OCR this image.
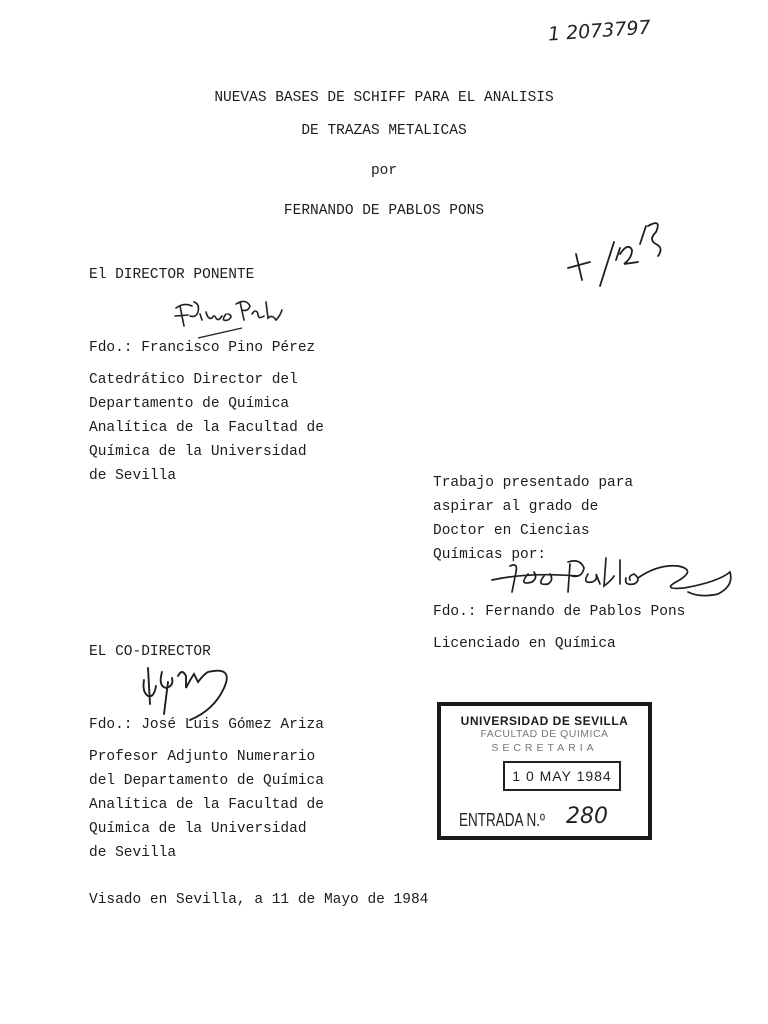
1 2073797
NUEVAS BASES DE SCHIFF PARA EL ANALISIS
DE TRAZAS METALICAS
por
FERNANDO DE PABLOS PONS
El DIRECTOR PONENTE
Fdo.: Francisco Pino Pérez
Catedrático Director del
Departamento de Química
Analítica de la Facultad de
Química de la Universidad
de Sevilla	Trabajo presentado para
aspirar al grado de
Doctor en Ciencias
Químicas por:
Fdo.: Fernando de Pablos Pons
Licenciado en Química
EL CO-DIRECTOR
Fdo.: José Luis Gómez Ariza
Profesor Adjunto Numerario
del Departamento de Química
Analítica de la Facultad de
Química de la Universidad
de Sevilla
UNIVERSIDAD DE SEVILLA
FACULTAD DE QUIMICA
SECRETARIA
1 0 MAY 1984
ENTRADA N.º 280
Visado en Sevilla, a 11 de Mayo de 1984
